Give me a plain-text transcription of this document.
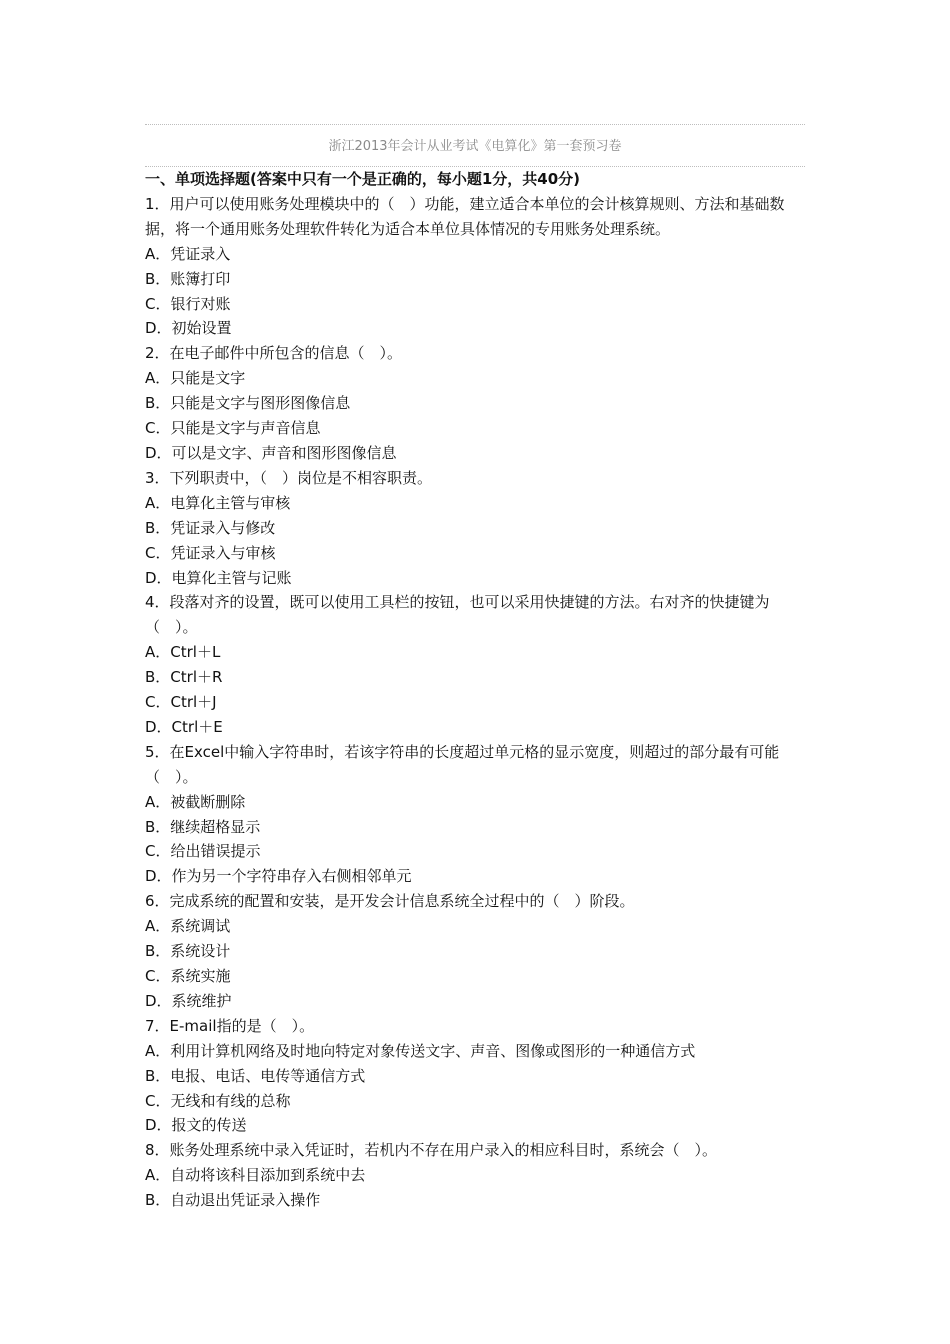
浙江2013年会计从业考试《电算化》第一套预习卷
一、单项选择题(答案中只有一个是正确的，每小题1分，共40分)
1．用户可以使用账务处理模块中的（　）功能，建立适合本单位的会计核算规则、方法和基础数据，将一个通用账务处理软件转化为适合本单位具体情况的专用账务处理系统。
A．凭证录入
B．账簿打印
C．银行对账
D．初始设置
2．在电子邮件中所包含的信息（　）。
A．只能是文字
B．只能是文字与图形图像信息
C．只能是文字与声音信息
D．可以是文字、声音和图形图像信息
3．下列职责中，（　）岗位是不相容职责。
A．电算化主管与审核
B．凭证录入与修改
C．凭证录入与审核
D．电算化主管与记账
4．段落对齐的设置，既可以使用工具栏的按钮，也可以采用快捷键的方法。右对齐的快捷键为（　）。
A．Ctrl＋L
B．Ctrl＋R
C．Ctrl＋J
D．Ctrl＋E
5．在Excel中输入字符串时，若该字符串的长度超过单元格的显示宽度，则超过的部分最有可能（　）。
A．被截断删除
B．继续超格显示
C．给出错误提示
D．作为另一个字符串存入右侧相邻单元
6．完成系统的配置和安装，是开发会计信息系统全过程中的（　）阶段。
A．系统调试
B．系统设计
C．系统实施
D．系统维护
7．E-mail指的是（　）。
A．利用计算机网络及时地向特定对象传送文字、声音、图像或图形的一种通信方式
B．电报、电话、电传等通信方式
C．无线和有线的总称
D．报文的传送
8．账务处理系统中录入凭证时，若机内不存在用户录入的相应科目时，系统会（　）。
A．自动将该科目添加到系统中去
B．自动退出凭证录入操作
